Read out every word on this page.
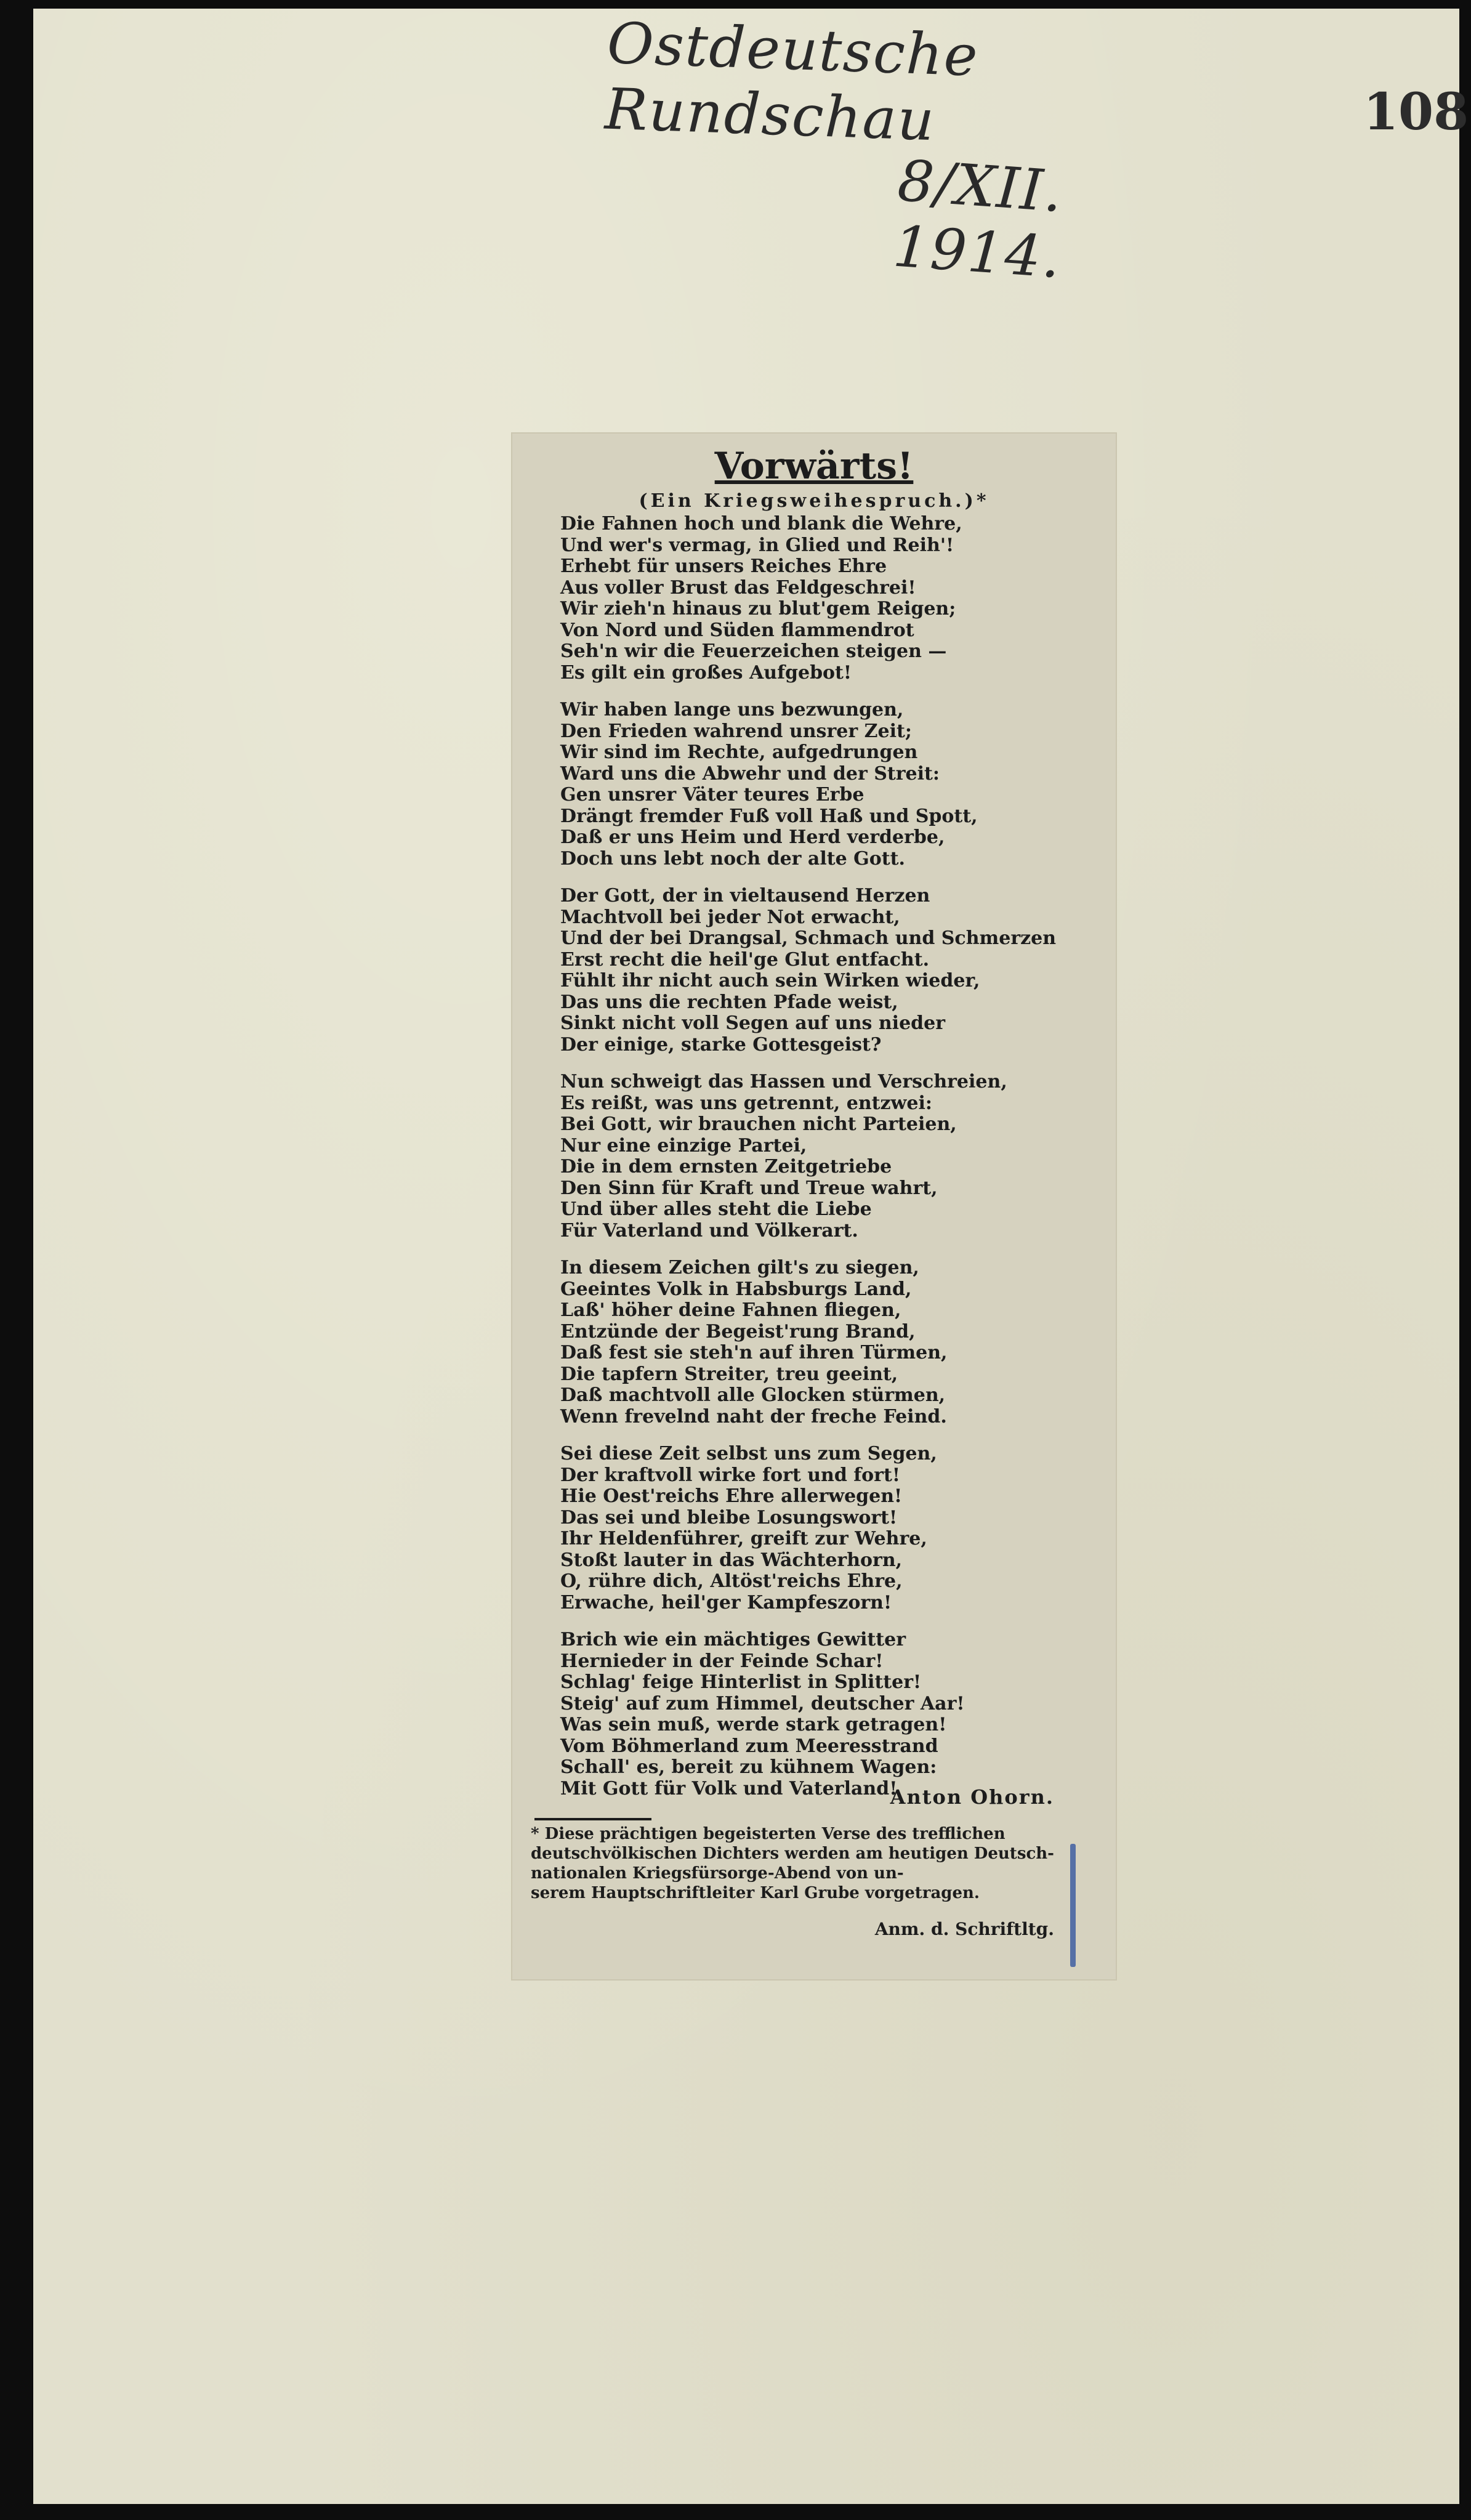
Ostdeutsche Rundschau
8/XII. 1914.
108
Vorwärts!
(Ein Kriegsweihespruch.)*
Die Fahnen hoch und blank die Wehre,
Und wer's vermag, in Glied und Reih'!
Erhebt für unsers Reiches Ehre
Aus voller Brust das Feldgeschrei!
Wir zieh'n hinaus zu blut'gem Reigen;
Von Nord und Süden flammendrot
Seh'n wir die Feuerzeichen steigen —
Es gilt ein großes Aufgebot!
Wir haben lange uns bezwungen,
Den Frieden wahrend unsrer Zeit;
Wir sind im Rechte, aufgedrungen
Ward uns die Abwehr und der Streit:
Gen unsrer Väter teures Erbe
Drängt fremder Fuß voll Haß und Spott,
Daß er uns Heim und Herd verderbe,
Doch uns lebt noch der alte Gott.
Der Gott, der in vieltausend Herzen
Machtvoll bei jeder Not erwacht,
Und der bei Drangsal, Schmach und Schmerzen
Erst recht die heil'ge Glut entfacht.
Fühlt ihr nicht auch sein Wirken wieder,
Das uns die rechten Pfade weist,
Sinkt nicht voll Segen auf uns nieder
Der einige, starke Gottesgeist?
Nun schweigt das Hassen und Verschreien,
Es reißt, was uns getrennt, entzwei:
Bei Gott, wir brauchen nicht Parteien,
Nur eine einzige Partei,
Die in dem ernsten Zeitgetriebe
Den Sinn für Kraft und Treue wahrt,
Und über alles steht die Liebe
Für Vaterland und Völkerart.
In diesem Zeichen gilt's zu siegen,
Geeintes Volk in Habsburgs Land,
Laß' höher deine Fahnen fliegen,
Entzünde der Begeist'rung Brand,
Daß fest sie steh'n auf ihren Türmen,
Die tapfern Streiter, treu geeint,
Daß machtvoll alle Glocken stürmen,
Wenn frevelnd naht der freche Feind.
Sei diese Zeit selbst uns zum Segen,
Der kraftvoll wirke fort und fort!
Hie Oest'reichs Ehre allerwegen!
Das sei und bleibe Losungswort!
Ihr Heldenführer, greift zur Wehre,
Stoßt lauter in das Wächterhorn,
O, rühre dich, Altöst'reichs Ehre,
Erwache, heil'ger Kampfeszorn!
Brich wie ein mächtiges Gewitter
Hernieder in der Feinde Schar!
Schlag' feige Hinterlist in Splitter!
Steig' auf zum Himmel, deutscher Aar!
Was sein muß, werde stark getragen!
Vom Böhmerland zum Meeresstrand
Schall' es, bereit zu kühnem Wagen:
Mit Gott für Volk und Vaterland!
Anton Ohorn.
* Diese prächtigen begeisterten Verse des trefflichen
deutschvölkischen Dichters werden am heutigen Deutsch-
nationalen Kriegsfürsorge-Abend von un-
serem Hauptschriftleiter Karl Grube vorgetragen.
Anm. d. Schriftltg.
